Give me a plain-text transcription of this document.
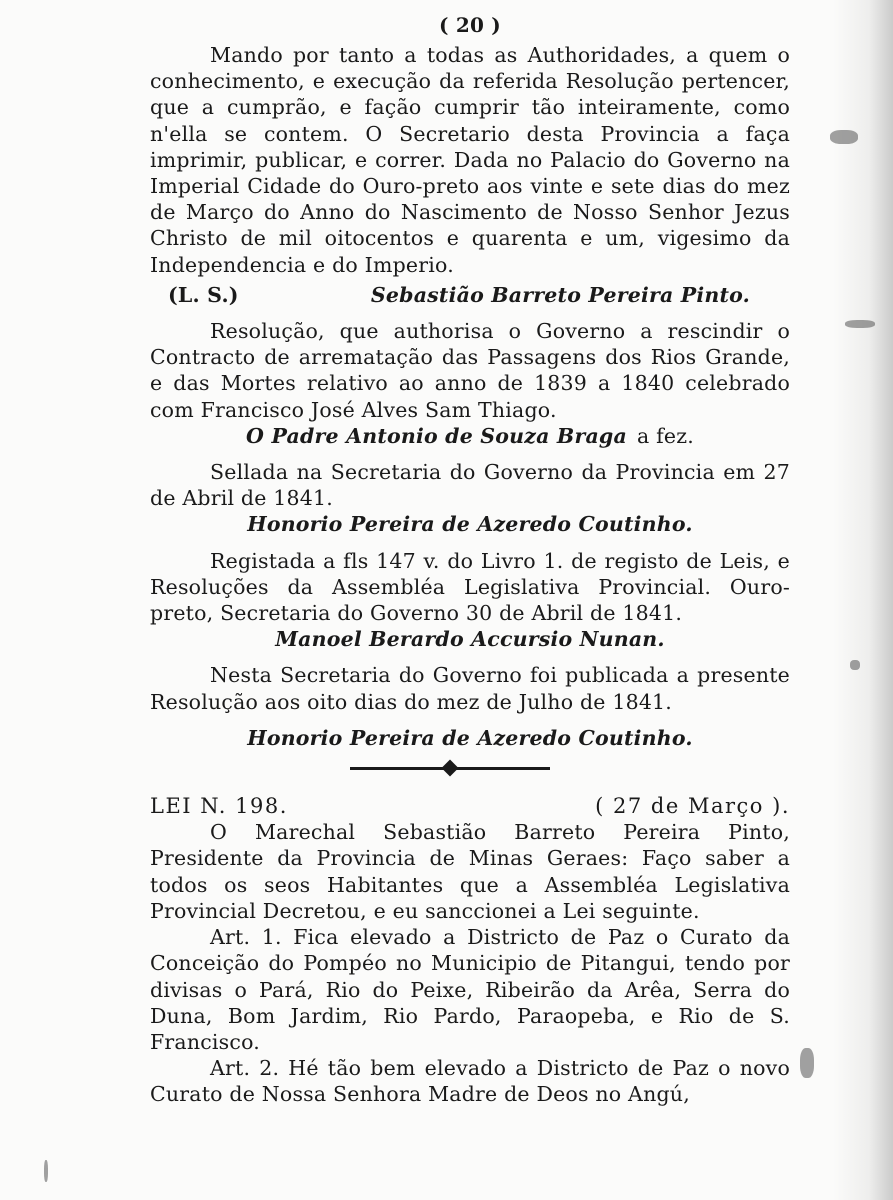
( 20 )

Mando por tanto a todas as Authoridades, a quem o conhecimento, e execução da referida Resolução pertencer, que a cumprão, e fação cumprir tão inteiramente, como n'ella se contem. O Secretario desta Provincia a faça imprimir, publicar, e correr. Dada no Palacio do Governo na Imperial Cidade do Ouro-preto aos vinte e sete dias do mez de Março do Anno do Nascimento de Nosso Senhor Jezus Christo de mil oitocentos e quarenta e um, vigesimo da Independencia e do Imperio.

(L. S.)	Sebastião Barreto Pereira Pinto.

Resolução, que authorisa o Governo a rescindir o Contracto de arrematação das Passagens dos Rios Grande, e das Mortes relativo ao anno de 1839 a 1840 celebrado com Francisco José Alves Sam Thiago.

O Padre Antonio de Souza Braga a fez.

Sellada na Secretaria do Governo da Provincia em 27 de Abril de 1841.

Honorio Pereira de Azeredo Coutinho.

Registada a fls 147 v. do Livro 1. de registo de Leis, e Resoluções da Assembléa Legislativa Provincial. Ouro-preto, Secretaria do Governo 30 de Abril de 1841.

Manoel Berardo Accursio Nunan.

Nesta Secretaria do Governo foi publicada a presente Resolução aos oito dias do mez de Julho de 1841.

Honorio Pereira de Azeredo Coutinho.

LEI N. 198.	( 27 de Março ).

O Marechal Sebastião Barreto Pereira Pinto, Presidente da Provincia de Minas Geraes: Faço saber a todos os seos Habitantes que a Assembléa Legislativa Provincial Decretou, e eu sanccionei a Lei seguinte.

Art. 1. Fica elevado a Districto de Paz o Curato da Conceição do Pompéo no Municipio de Pitangui, tendo por divisas o Pará, Rio do Peixe, Ribeirão da Arêa, Serra do Duna, Bom Jardim, Rio Pardo, Paraopeba, e Rio de S. Francisco.

Art. 2. Hé tão bem elevado a Districto de Paz o novo Curato de Nossa Senhora Madre de Deos no Angú,
